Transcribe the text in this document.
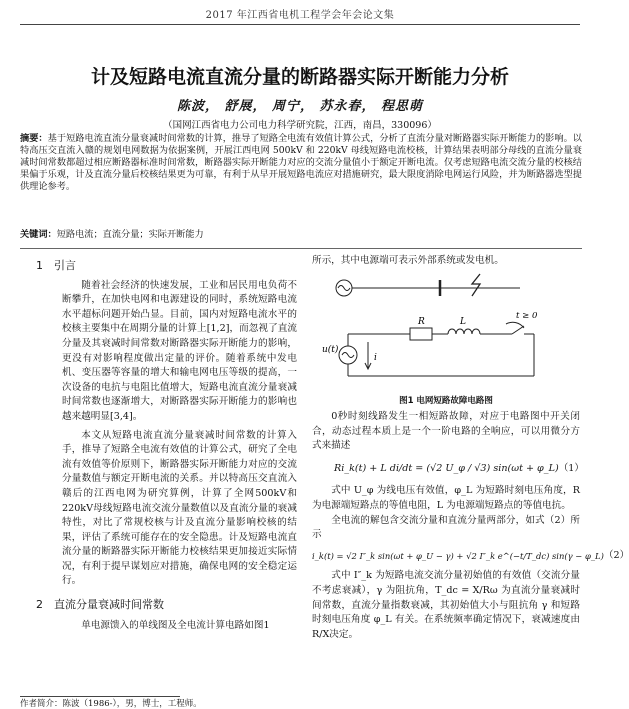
2017 年江西省电机工程学会年会论文集
计及短路电流直流分量的断路器实际开断能力分析
陈波， 舒展， 周宁， 苏永春， 程思萌
（国网江西省电力公司电力科学研究院，江西，南昌，330096）
摘要：基于短路电流直流分量衰减时间常数的计算，推导了短路全电流有效值计算公式，分析了直流分量对断路器实际开断能力的影响。以特高压交直流入赣的规划电网数据为依据案例，开展江西电网 500kV 和 220kV 母线短路电流校核，计算结果表明部分母线的直流分量衰减时间常数都超过相应断路器标准时间常数，断路器实际开断能力对应的交流分量值小于额定开断电流。仅考虑短路电流交流分量的校核结果偏于乐观，计及直流分量后校核结果更为可靠，有利于从早开展短路电流应对措施研究，最大限度消除电网运行风险，并为断路器选型提供理论参考。
关键词：短路电流；直流分量；实际开断能力
1　引言

随着社会经济的快速发展，工业和居民用电负荷不断攀升，在加快电网和电源建设的同时，系统短路电流水平超标问题开始凸显。目前，国内对短路电流水平的校核主要集中在周期分量的计算上[1,2]，而忽视了直流分量及其衰减时间常数对断路器实际开断能力的影响，更没有对影响程度做出定量的评价。随着系统中发电机、变压器等容量的增大和输电网电压等级的提高，一次设备的电抗与电阻比值增大，短路电流直流分量衰减时间常数也逐渐增大，对断路器实际开断能力的影响也越来越明显[3,4]。

本文从短路电流直流分量衰减时间常数的计算入手，推导了短路全电流有效值的计算公式，研究了全电流有效值等价原则下，断路器实际开断能力对应的交流分量数值与额定开断电流的关系。并以特高压交直流入赣后的江西电网为研究算例，计算了全网500kV和220kV母线短路电流交流分量数值以及直流分量的衰减特性，对比了常规校核与计及直流分量影响校核的结果，评估了系统可能存在的安全隐患。计及短路电流直流分量的断路器实际开断能力校核结果更加接近实际情况，有利于提早谋划应对措施，确保电网的安全稳定运行。

2　直流分量衰减时间常数

单电源馈入的单线图及全电流计算电路如图1

所示，其中电源端可表示外部系统或发电机。

u(t)
i
R	L
t ≥ 0
图1 电网短路故障电路图

0秒时刻线路发生一相短路故障，对应于电路图中开关闭合，动态过程本质上是一个一阶电路的全响应，可以用微分方式来描述

Ri_k(t) + L di/dt = (√2 U_φ / √3) sin(ωt + φ_L) （1）

式中 U_φ 为线电压有效值，φ_L 为短路时刻电压角度，R 为电源端短路点的等值电阻，L 为电源端短路点的等值电抗。

全电流的解包含交流分量和直流分量两部分，如式（2）所示

i_k(t) = √2 I″_k sin(ωt + φ_U − γ) + √2 I″_k e^(−t/T_dc) sin(γ − φ_L) （2）

式中 I″_k 为短路电流交流分量初始值的有效值（交流分量不考虑衰减），γ 为阻抗角，T_dc = X/Rω 为直流分量衰减时间常数，直流分量指数衰减，其初始值大小与阻抗角 γ 和短路时刻电压角度 φ_L 有关。在系统频率确定情况下，衰减速度由R/X决定。

作者简介：陈波（1986-），男，博士，工程师。
